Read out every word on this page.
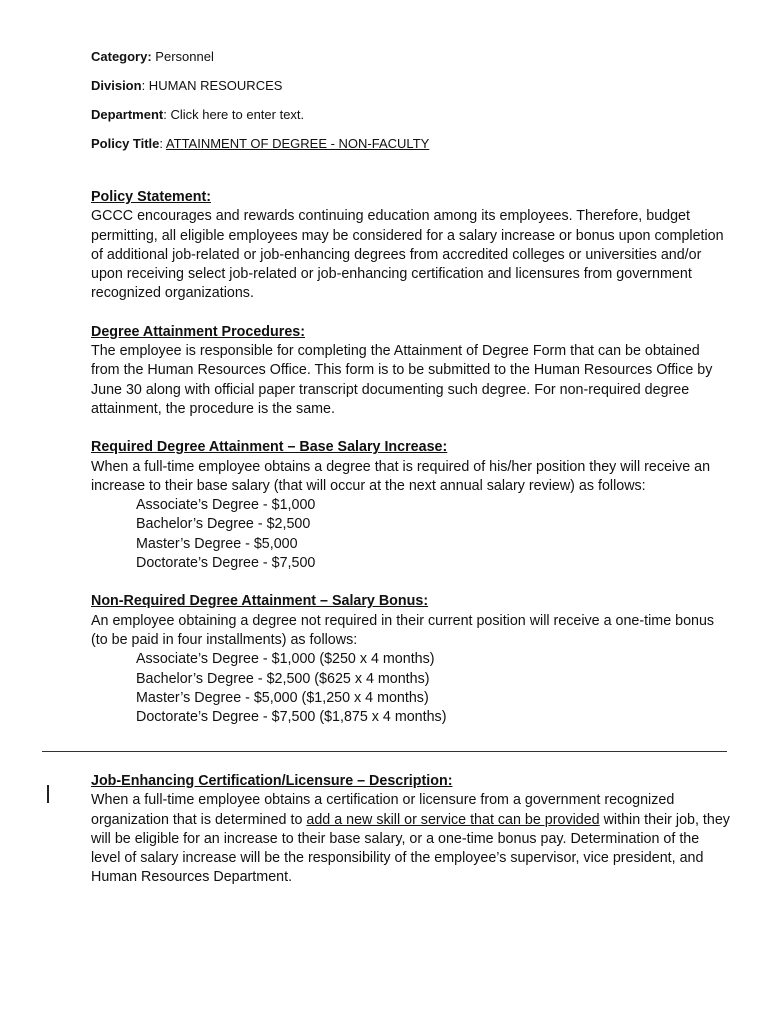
Category: Personnel
Division: HUMAN RESOURCES
Department: Click here to enter text.
Policy Title: ATTAINMENT OF DEGREE - NON-FACULTY
Policy Statement:

GCCC encourages and rewards continuing education among its employees. Therefore, budget permitting, all eligible employees may be considered for a salary increase or bonus upon completion of additional job-related or job-enhancing degrees from accredited colleges or universities and/or upon receiving select job-related or job-enhancing certification and licensures from government recognized organizations.

Degree Attainment Procedures:

The employee is responsible for completing the Attainment of Degree Form that can be obtained from the Human Resources Office. This form is to be submitted to the Human Resources Office by June 30 along with official paper transcript documenting such degree. For non-required degree attainment, the procedure is the same.

Required Degree Attainment – Base Salary Increase:

When a full-time employee obtains a degree that is required of his/her position they will receive an increase to their base salary (that will occur at the next annual salary review) as follows:

Associate’s Degree - $1,000
Bachelor’s Degree - $2,500
Master’s Degree - $5,000
Doctorate’s Degree - $7,500
Non-Required Degree Attainment – Salary Bonus:

An employee obtaining a degree not required in their current position will receive a one-time bonus (to be paid in four installments) as follows:

Associate’s Degree - $1,000 ($250 x 4 months)
Bachelor’s Degree - $2,500 ($625 x 4 months)
Master’s Degree - $5,000 ($1,250 x 4 months)
Doctorate’s Degree - $7,500 ($1,875 x 4 months)
Job-Enhancing Certification/Licensure – Description:

When a full-time employee obtains a certification or licensure from a government recognized organization that is determined to add a new skill or service that can be provided within their job, they will be eligible for an increase to their base salary, or a one-time bonus pay. Determination of the level of salary increase will be the responsibility of the employee’s supervisor, vice president, and Human Resources Department.
